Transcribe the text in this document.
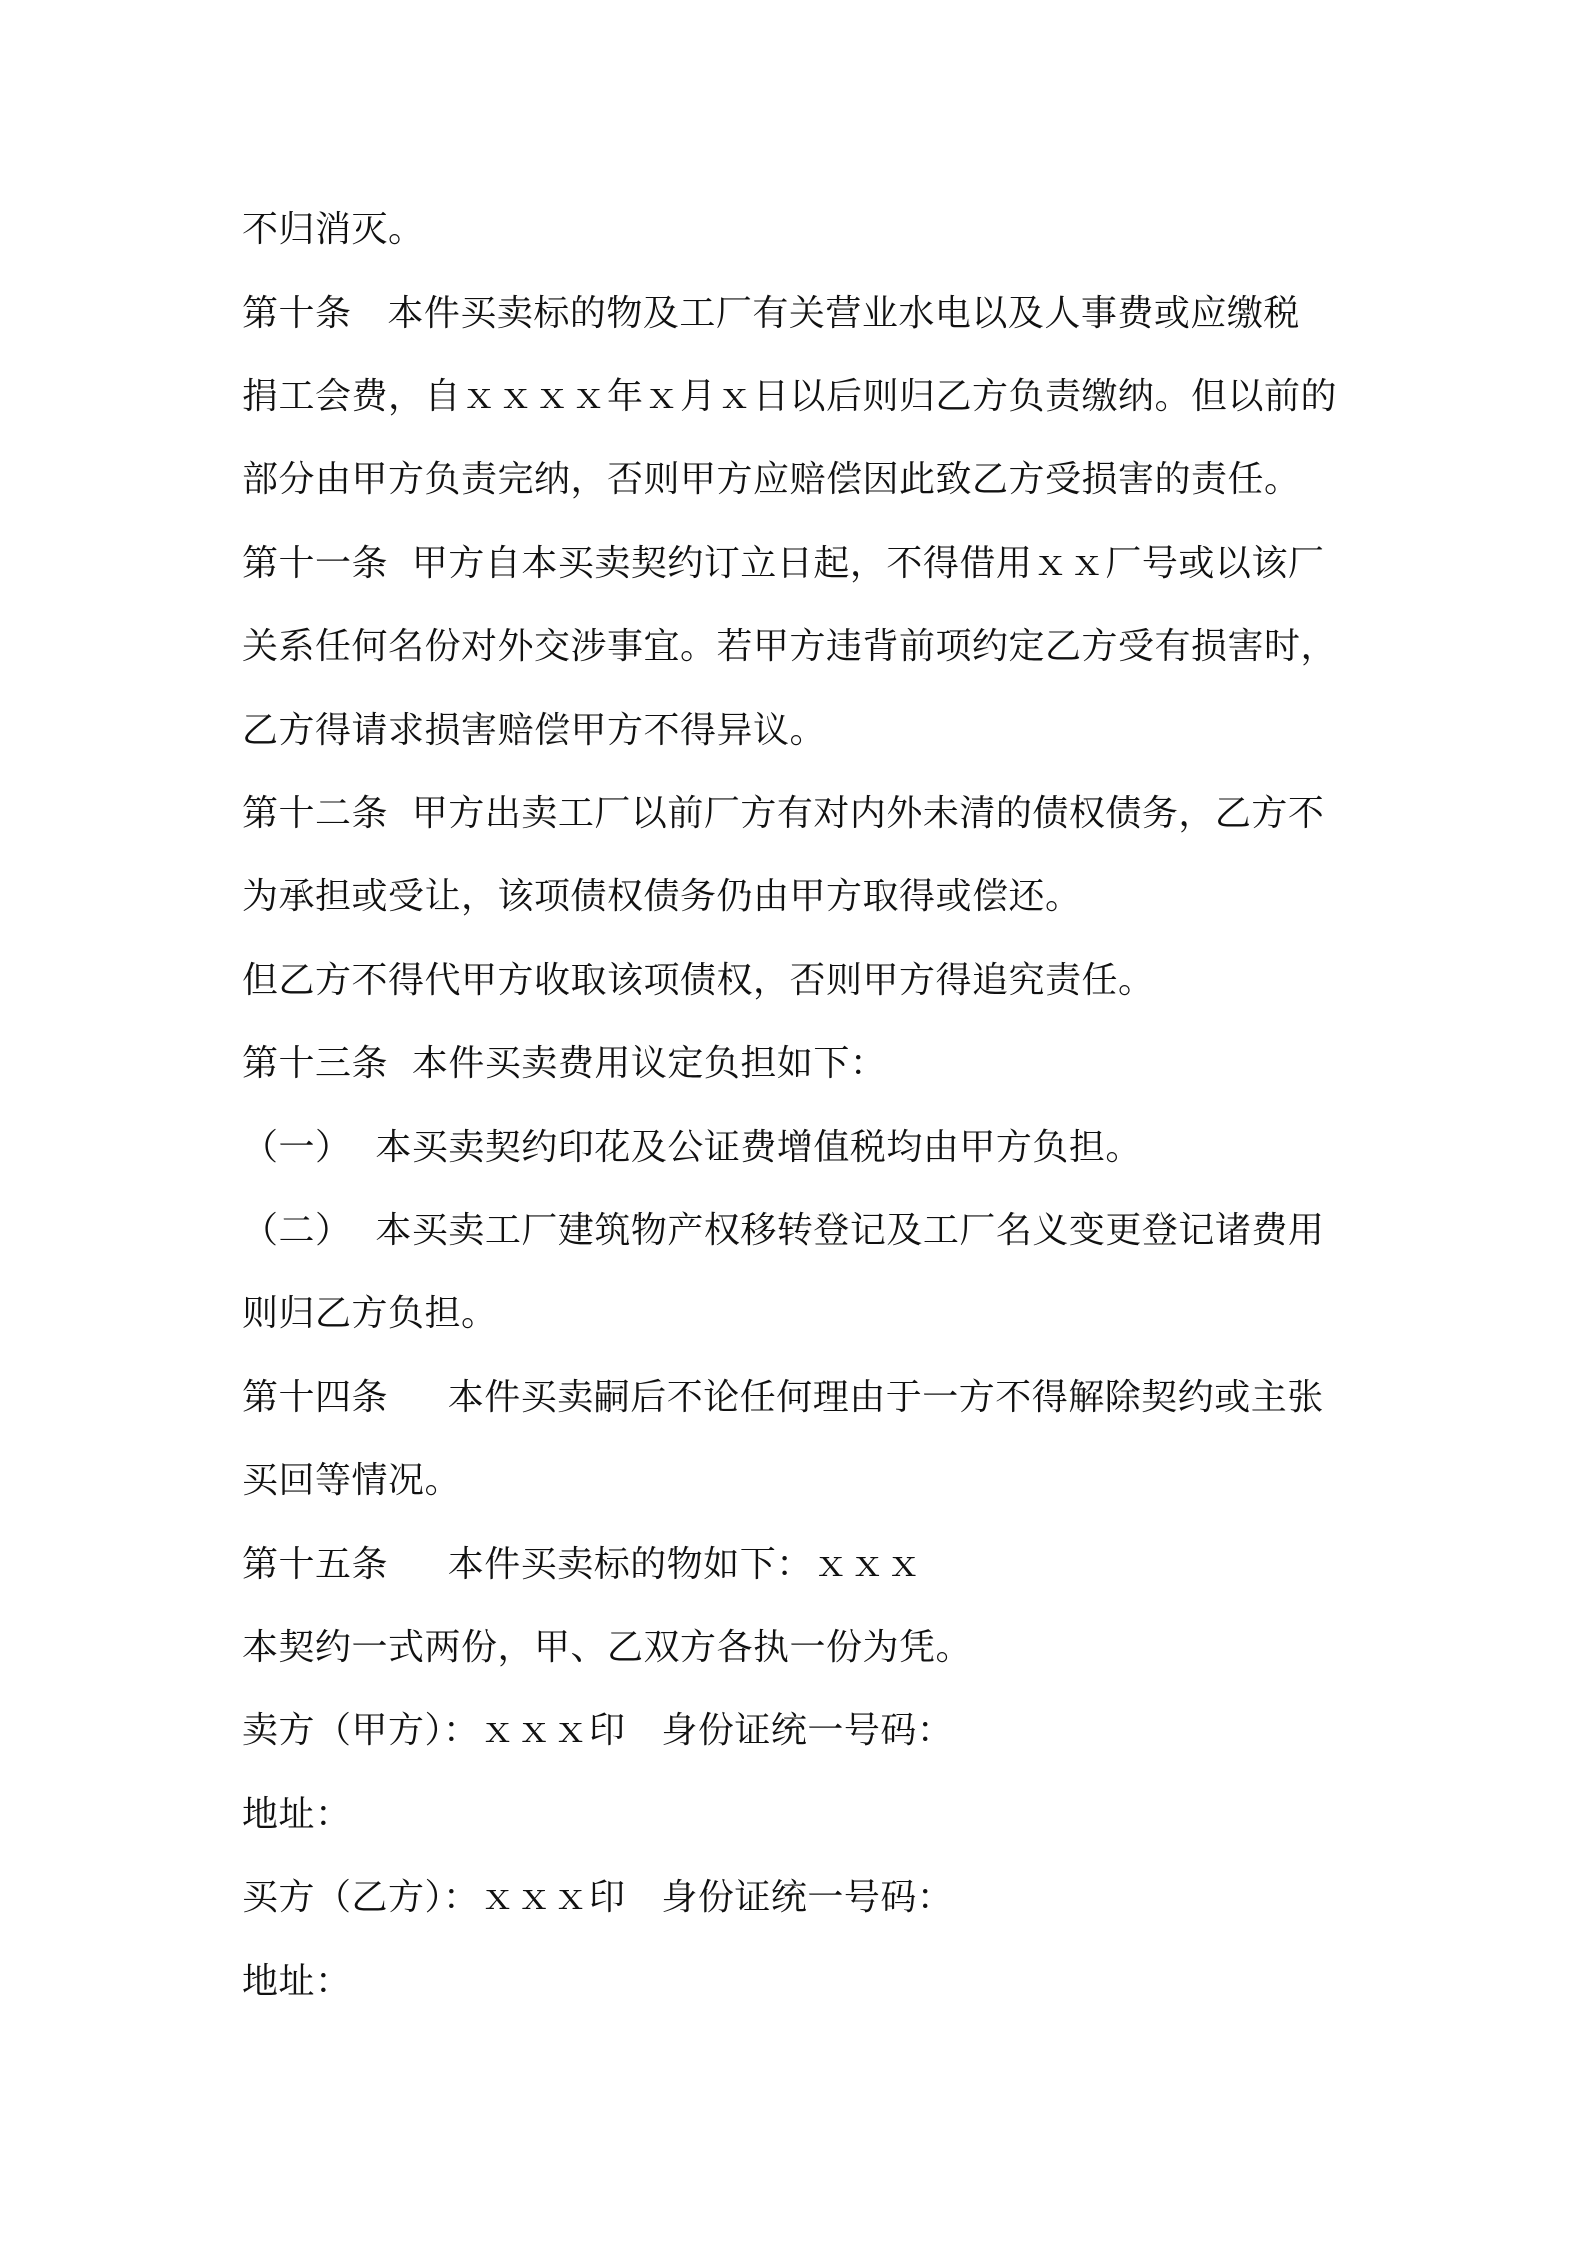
不归消灭。
第十条   本件买卖标的物及工厂有关营业水电以及人事费或应缴税
捐工会费，自ｘｘｘｘ年ｘ月ｘ日以后则归乙方负责缴纳。但以前的
部分由甲方负责完纳，否则甲方应赔偿因此致乙方受损害的责任。
第十一条  甲方自本买卖契约订立日起，不得借用ｘｘ厂号或以该厂
关系任何名份对外交涉事宜。若甲方违背前项约定乙方受有损害时，
乙方得请求损害赔偿甲方不得异议。
第十二条  甲方出卖工厂以前厂方有对内外未清的债权债务，乙方不
为承担或受让，该项债权债务仍由甲方取得或偿还。
但乙方不得代甲方收取该项债权，否则甲方得追究责任。
第十三条  本件买卖费用议定负担如下：
（一）  本买卖契约印花及公证费增值税均由甲方负担。
（二）  本买卖工厂建筑物产权移转登记及工厂名义变更登记诸费用
则归乙方负担。
第十四条     本件买卖嗣后不论任何理由于一方不得解除契约或主张
买回等情况。
第十五条     本件买卖标的物如下：ｘｘｘ
本契约一式两份，甲、乙双方各执一份为凭。
卖方（甲方）：ｘｘｘ印   身份证统一号码：
地址：
买方（乙方）：ｘｘｘ印   身份证统一号码：
地址：
